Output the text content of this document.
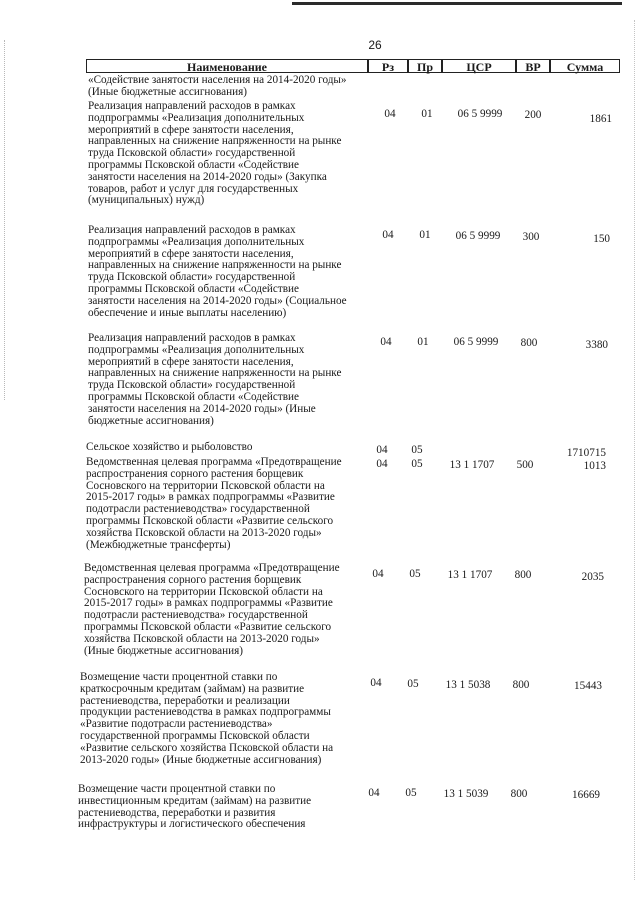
26
Наименование	Рз	Пр	ЦСР	ВР	Сумма
«Содействие занятости населения на 2014-2020 годы»
(Иные бюджетные ассигнования)
Реализация направлений расходов в рамках
подпрограммы «Реализация дополнительных
мероприятий в сфере занятости населения,
направленных на снижение напряженности на рынке
труда Псковской области» государственной
программы Псковской области «Содействие
занятости населения на 2014-2020 годы» (Закупка
товаров, работ и услуг для государственных
(муниципальных) нужд)
04	01	06 5 9999	200	1861
Реализация направлений расходов в рамках
подпрограммы «Реализация дополнительных
мероприятий в сфере занятости населения,
направленных на снижение напряженности на рынке
труда Псковской области» государственной
программы Псковской области «Содействие
занятости населения на 2014-2020 годы» (Социальное
обеспечение и иные выплаты населению)
04	01	06 5 9999	300	150
Реализация направлений расходов в рамках
подпрограммы «Реализация дополнительных
мероприятий в сфере занятости населения,
направленных на снижение напряженности на рынке
труда Псковской области» государственной
программы Псковской области «Содействие
занятости населения на 2014-2020 годы» (Иные
бюджетные ассигнования)
04	01	06 5 9999	800	3380
Сельское хозяйство и рыболовство	04	05	1710715
Ведомственная целевая программа «Предотвращение
распространения сорного растения борщевик
Сосновского на территории Псковской области на
2015-2017 годы» в рамках подпрограммы «Развитие
подотрасли растениеводства» государственной
программы Псковской области «Развитие сельского
хозяйства Псковской области на 2013-2020 годы»
(Межбюджетные трансферты)
04	05	13 1 1707	500	1013
Ведомственная целевая программа «Предотвращение
распространения сорного растения борщевик
Сосновского на территории Псковской области на
2015-2017 годы» в рамках подпрограммы «Развитие
подотрасли растениеводства» государственной
программы Псковской области «Развитие сельского
хозяйства Псковской области на 2013-2020 годы»
(Иные бюджетные ассигнования)
04	05	13 1 1707	800	2035
Возмещение части процентной ставки по
краткосрочным кредитам (займам) на развитие
растениеводства, переработки и реализации
продукции растениеводства в рамках подпрограммы
«Развитие подотрасли растениеводства»
государственной программы Псковской области
«Развитие сельского хозяйства Псковской области на
2013-2020 годы» (Иные бюджетные ассигнования)
04	05	13 1 5038	800	15443
Возмещение части процентной ставки по
инвестиционным кредитам (займам) на развитие
растениеводства, переработки и развития
инфраструктуры и логистического обеспечения
04	05	13 1 5039	800	16669
